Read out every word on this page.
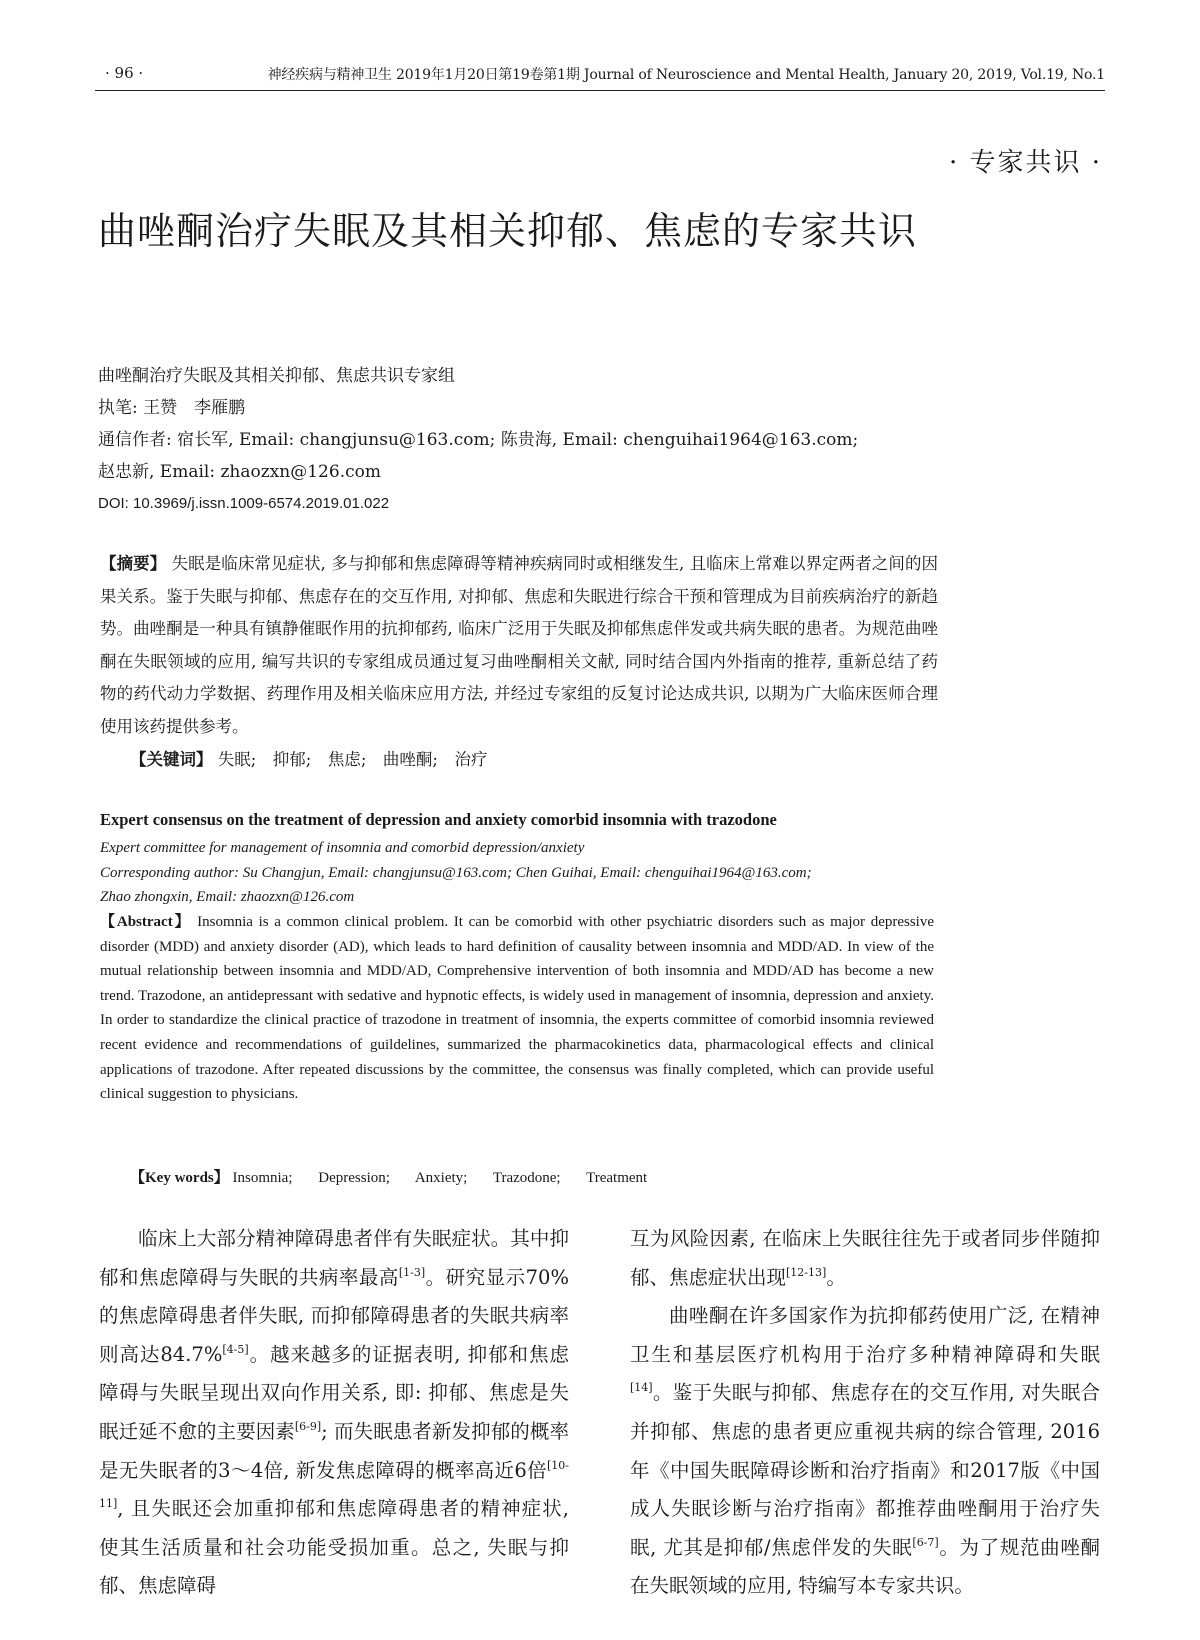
· 96 ·	神经疾病与精神卫生 2019年1月20日第19卷第1期 Journal of Neuroscience and Mental Health, January 20, 2019, Vol.19, No.1
· 专家共识 ·
曲唑酮治疗失眠及其相关抑郁、焦虑的专家共识
曲唑酮治疗失眠及其相关抑郁、焦虑共识专家组
执笔: 王赞　李雁鹏
通信作者: 宿长军, Email: changjunsu@163.com; 陈贵海, Email: chenguihai1964@163.com;
赵忠新, Email: zhaozxn@126.com
DOI: 10.3969/j.issn.1009-6574.2019.01.022
【摘要】 失眠是临床常见症状, 多与抑郁和焦虑障碍等精神疾病同时或相继发生, 且临床上常难以界定两者之间的因果关系。鉴于失眠与抑郁、焦虑存在的交互作用, 对抑郁、焦虑和失眠进行综合干预和管理成为目前疾病治疗的新趋势。曲唑酮是一种具有镇静催眠作用的抗抑郁药, 临床广泛用于失眠及抑郁焦虑伴发或共病失眠的患者。为规范曲唑酮在失眠领域的应用, 编写共识的专家组成员通过复习曲唑酮相关文献, 同时结合国内外指南的推荐, 重新总结了药物的药代动力学数据、药理作用及相关临床应用方法, 并经过专家组的反复讨论达成共识, 以期为广大临床医师合理使用该药提供参考。
【关键词】 失眠;　抑郁;　焦虑;　曲唑酮;　治疗
Expert consensus on the treatment of depression and anxiety comorbid insomnia with trazodone
Expert committee for management of insomnia and comorbid depression/anxiety
Corresponding author: Su Changjun, Email: changjunsu@163.com; Chen Guihai, Email: chenguihai1964@163.com;
Zhao zhongxin, Email: zhaozxn@126.com
【Abstract】 Insomnia is a common clinical problem. It can be comorbid with other psychiatric disorders such as major depressive disorder (MDD) and anxiety disorder (AD), which leads to hard definition of causality between insomnia and MDD/AD. In view of the mutual relationship between insomnia and MDD/AD, Comprehensive intervention of both insomnia and MDD/AD has become a new trend. Trazodone, an antidepressant with sedative and hypnotic effects, is widely used in management of insomnia, depression and anxiety. In order to standardize the clinical practice of trazodone in treatment of insomnia, the experts committee of comorbid insomnia reviewed recent evidence and recommendations of guildelines, summarized the pharmacokinetics data, pharmacological effects and clinical applications of trazodone. After repeated discussions by the committee, the consensus was finally completed, which can provide useful clinical suggestion to physicians.
【Key words】 Insomnia; Depression; Anxiety; Trazodone; Treatment

临床上大部分精神障碍患者伴有失眠症状。其中抑郁和焦虑障碍与失眠的共病率最高[1-3]。研究显示70%的焦虑障碍患者伴失眠, 而抑郁障碍患者的失眠共病率则高达84.7%[4-5]。越来越多的证据表明, 抑郁和焦虑障碍与失眠呈现出双向作用关系, 即: 抑郁、焦虑是失眠迁延不愈的主要因素[6-9]; 而失眠患者新发抑郁的概率是无失眠者的3～4倍, 新发焦虑障碍的概率高近6倍[10-11], 且失眠还会加重抑郁和焦虑障碍患者的精神症状, 使其生活质量和社会功能受损加重。总之, 失眠与抑郁、焦虑障碍

互为风险因素, 在临床上失眠往往先于或者同步伴随抑郁、焦虑症状出现[12-13]。

曲唑酮在许多国家作为抗抑郁药使用广泛, 在精神卫生和基层医疗机构用于治疗多种精神障碍和失眠[14]。鉴于失眠与抑郁、焦虑存在的交互作用, 对失眠合并抑郁、焦虑的患者更应重视共病的综合管理, 2016年《中国失眠障碍诊断和治疗指南》和2017版《中国成人失眠诊断与治疗指南》都推荐曲唑酮用于治疗失眠, 尤其是抑郁/焦虑伴发的失眠[6-7]。为了规范曲唑酮在失眠领域的应用, 特编写本专家共识。
